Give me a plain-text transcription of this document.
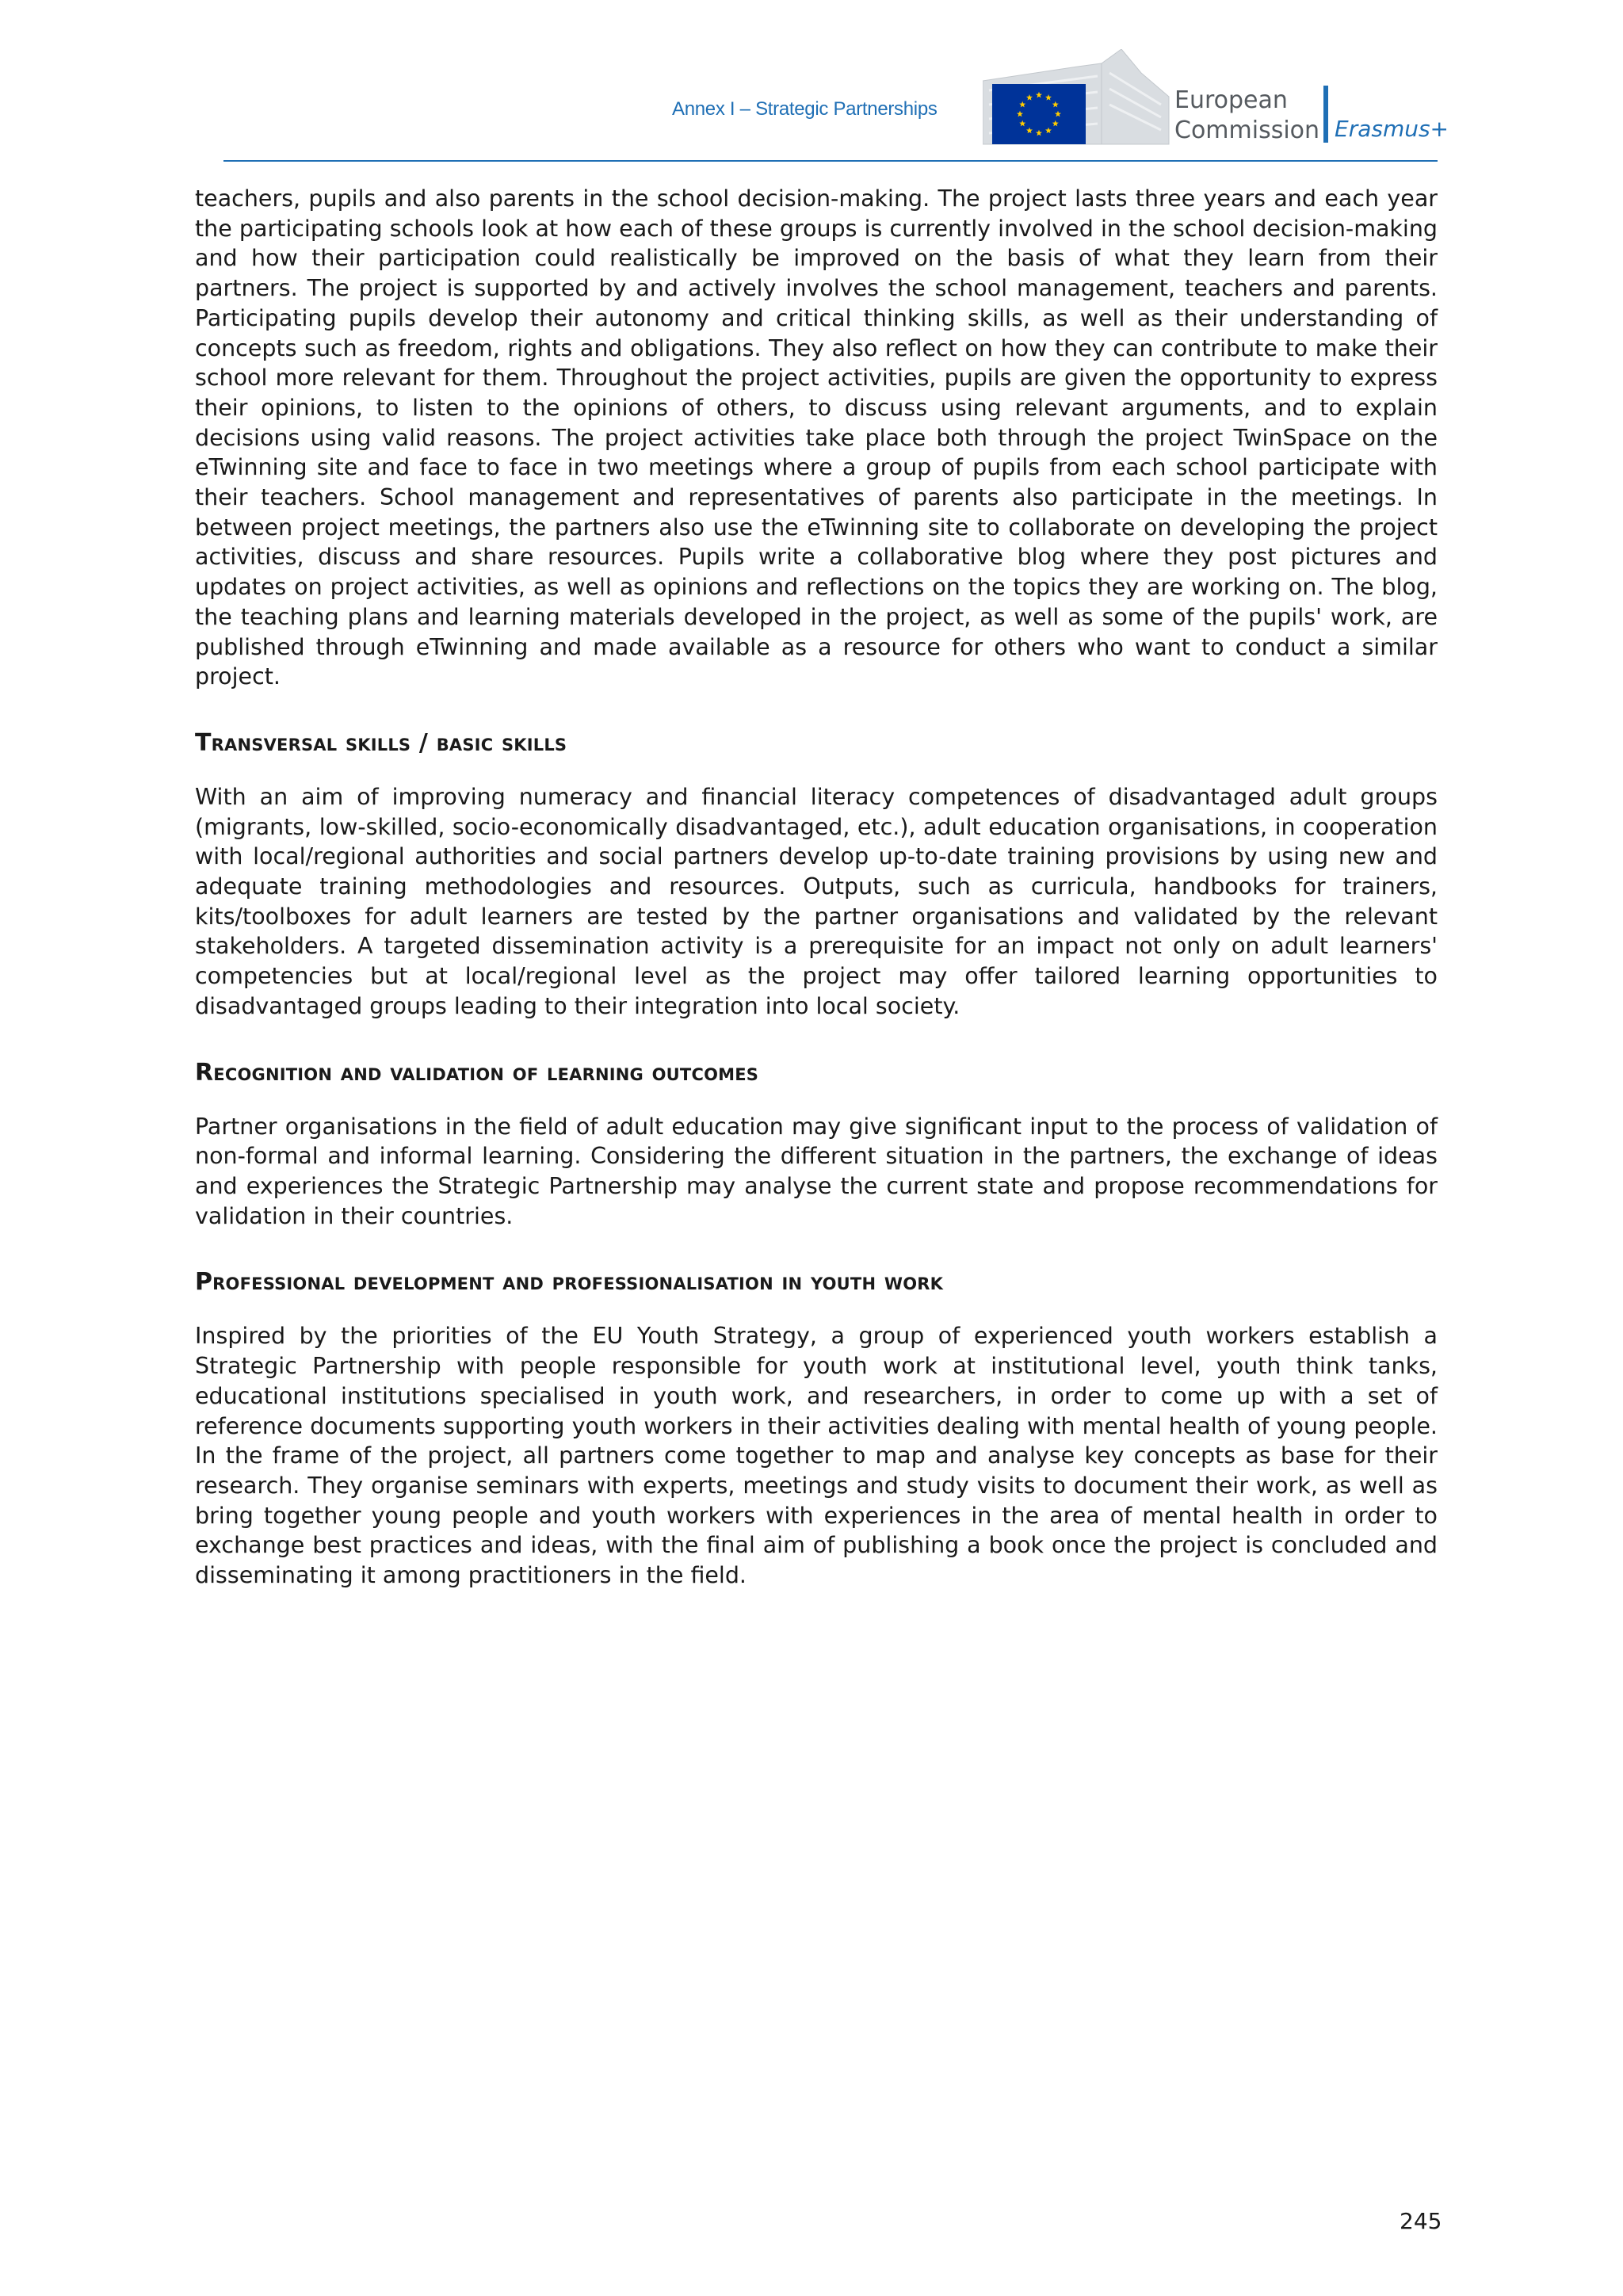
Annex I – Strategic Partnerships	European
Commission Erasmus+

teachers, pupils and also parents in the school decision-making. The project lasts three years and each year the participating schools look at how each of these groups is currently involved in the school decision-making and how their participation could realistically be improved on the basis of what they learn from their partners. The project is supported by and actively involves the school management, teachers and parents. Participating pupils develop their autonomy and critical thinking skills, as well as their understanding of concepts such as freedom, rights and obligations. They also reflect on how they can contribute to make their school more relevant for them. Throughout the project activities, pupils are given the opportunity to express their opinions, to listen to the opinions of others, to discuss using relevant arguments, and to explain decisions using valid reasons. The project activities take place both through the project TwinSpace on the eTwinning site and face to face in two meetings where a group of pupils from each school participate with their teachers. School management and representatives of parents also participate in the meetings. In between project meetings, the partners also use the eTwinning site to collaborate on developing the project activities, discuss and share resources. Pupils write a collaborative blog where they post pictures and updates on project activities, as well as opinions and reflections on the topics they are working on. The blog, the teaching plans and learning materials developed in the project, as well as some of the pupils' work, are published through eTwinning and made available as a resource for others who want to conduct a similar project.

Transversal skills / basic skills

With an aim of improving numeracy and financial literacy competences of disadvantaged adult groups (migrants, low-skilled, socio-economically disadvantaged, etc.), adult education organisations, in cooperation with local/regional authorities and social partners develop up-to-date training provisions by using new and adequate training methodologies and resources. Outputs, such as curricula, handbooks for trainers, kits/toolboxes for adult learners are tested by the partner organisations and validated by the relevant stakeholders. A targeted dissemination activity is a prerequisite for an impact not only on adult learners' competencies but at local/regional level as the project may offer tailored learning opportunities to disadvantaged groups leading to their integration into local society.

Recognition and validation of learning outcomes

Partner organisations in the field of adult education may give significant input to the process of validation of non-formal and informal learning. Considering the different situation in the partners, the exchange of ideas and experiences the Strategic Partnership may analyse the current state and propose recommendations for validation in their countries.

Professional development and professionalisation in youth work

Inspired by the priorities of the EU Youth Strategy, a group of experienced youth workers establish a Strategic Partnership with people responsible for youth work at institutional level, youth think tanks, educational institutions specialised in youth work, and researchers, in order to come up with a set of reference documents supporting youth workers in their activities dealing with mental health of young people. In the frame of the project, all partners come together to map and analyse key concepts as base for their research. They organise seminars with experts, meetings and study visits to document their work, as well as bring together young people and youth workers with experiences in the area of mental health in order to exchange best practices and ideas, with the final aim of publishing a book once the project is concluded and disseminating it among practitioners in the field.

245
